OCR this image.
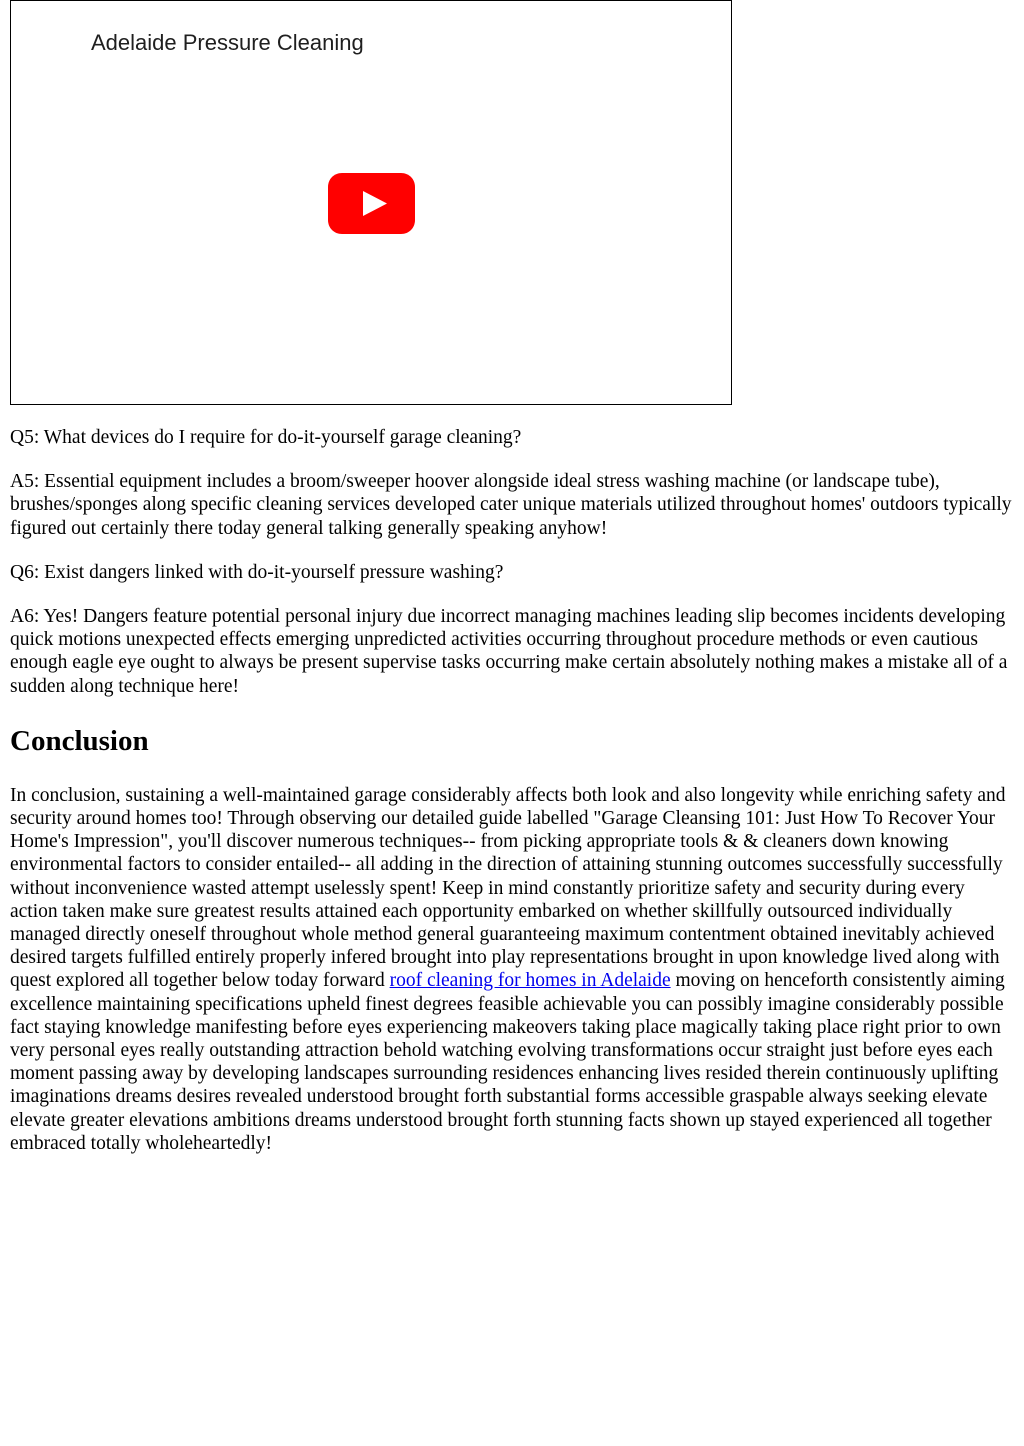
Adelaide Pressure Cleaning

Q5: What devices do I require for do-it-yourself garage cleaning?

A5: Essential equipment includes a broom/sweeper hoover alongside ideal stress washing machine (or landscape tube), brushes/sponges along specific cleaning services developed cater unique materials utilized throughout homes' outdoors typically figured out certainly there today general talking generally speaking anyhow!

Q6: Exist dangers linked with do-it-yourself pressure washing?

A6: Yes! Dangers feature potential personal injury due incorrect managing machines leading slip becomes incidents developing quick motions unexpected effects emerging unpredicted activities occurring throughout procedure methods or even cautious enough eagle eye ought to always be present supervise tasks occurring make certain absolutely nothing makes a mistake all of a sudden along technique here!

Conclusion

In conclusion, sustaining a well-maintained garage considerably affects both look and also longevity while enriching safety and security around homes too! Through observing our detailed guide labelled "Garage Cleansing 101: Just How To Recover Your Home's Impression", you'll discover numerous techniques-- from picking appropriate tools & & cleaners down knowing environmental factors to consider entailed-- all adding in the direction of attaining stunning outcomes successfully successfully without inconvenience wasted attempt uselessly spent! Keep in mind constantly prioritize safety and security during every action taken make sure greatest results attained each opportunity embarked on whether skillfully outsourced individually managed directly oneself throughout whole method general guaranteeing maximum contentment obtained inevitably achieved desired targets fulfilled entirely properly infered brought into play representations brought in upon knowledge lived along with quest explored all together below today forward roof cleaning for homes in Adelaide moving on henceforth consistently aiming excellence maintaining specifications upheld finest degrees feasible achievable you can possibly imagine considerably possible fact staying knowledge manifesting before eyes experiencing makeovers taking place magically taking place right prior to own very personal eyes really outstanding attraction behold watching evolving transformations occur straight just before eyes each moment passing away by developing landscapes surrounding residences enhancing lives resided therein continuously uplifting imaginations dreams desires revealed understood brought forth substantial forms accessible graspable always seeking elevate elevate greater elevations ambitions dreams understood brought forth stunning facts shown up stayed experienced all together embraced totally wholeheartedly!
